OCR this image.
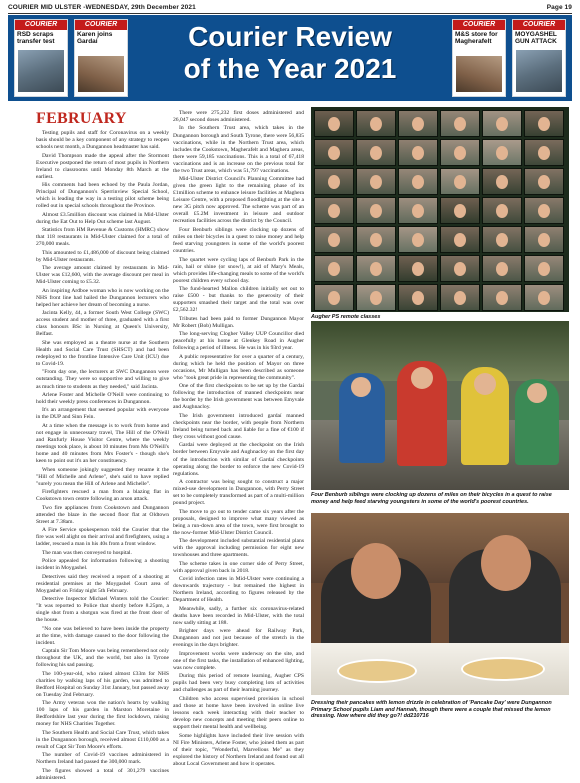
COURIER MID ULSTER -WEDNESDAY, 29th December 2021	Page 19
COURIER
RSD scraps transfer test
COURIER
Karen joins Gardaí	Courier Review
of the Year 2021
COURIER
M&S store for Magherafelt
COURIER
MOYGASHEL GUN ATTACK
FEBRUARY

Testing pupils and staff for Coronavirus on a weekly basis should be a key component of any strategy to reopen schools next month, a Dungannon headmaster has said.

David Thompson made the appeal after the Stormont Executive postponed the return of most pupils in Northern Ireland to classrooms until Monday 8th March at the earliest.

His comments had been echoed by the Paula Jordan, Principal of Dungannon's Sperrinview Special School, which is leading the way in a testing pilot scheme being rolled out in special schools throughout the Province.

Almost £3.5million discount was claimed in Mid-Ulster during the Eat Out to Help Out scheme last August.

Statistics from HM Revenue & Customs (HMRC) show that 118 restaurants in Mid-Ulster claimed for a total of 270,000 meals.

This amounted to £1,486,000 of discount being claimed by Mid-Ulster restaurants.

The average amount claimed by restaurants in Mid-Ulster was £12,600, with the average discount per meal in Mid-Ulster coming to £5.32.

An inspiring Ardboe woman who is now working on the NHS front line had hailed the Dungannon lecturers who helped her achieve her dream of becoming a nurse.

Jacinta Kelly, 44, a former South West College (SWC) access student and mother of three, graduated with a first class honours BSc in Nursing at Queen's University, Belfast.

She was employed as a theatre nurse at the Southern Health and Social Care Trust (SHSCT) and had been redeployed to the frontline Intensive Care Unit (ICU) due to Covid-19.

"From day one, the lecturers at SWC Dungannon were outstanding. They were so supportive and willing to give as much time to students as they needed," said Jacinta.

Arlene Foster and Michelle O'Neill were continuing to hold their weekly press conferences in Dungannon.

It's an arrangement that seemed popular with everyone in the DUP and Sinn Fein.

At a time when the message is to work from home and not engage in unnecessary travel, The Hill of the O'Neill and Ranfurly House Visitor Centre, where the weekly meetings took place, is about 10 minutes from Ms O'Neill's home and 40 minutes from Mrs Foster's - though she's keen to point out it's an her constituency.

When someone jokingly suggested they rename it the "Hill of Michelle and Arlene", she's said to have replied "surely you mean the Hill of Arlene and Michelle".

Firefighters rescued a man from a blazing flat in Cookstown town centre following an arson attack.

Two fire appliances from Cookstown and Dungannon attended the blaze in the second floor flat at Oldtown Street at 7.38am.

A Fire Service spokesperson told the Courier that the fire was well alight on their arrival and firefighters, using a ladder, rescued a man in his 40s from a front window.

The man was then conveyed to hospital.

Police appealed for information following a shooting incident in Moygashel.

Detectives said they received a report of a shooting at residential premises at the Moygashel Court area of Moygashel on Friday night 5th February.

Detective Inspector Michael Winters told the Courier: "It was reported to Police that shortly before 8.25pm, a single shot from a shotgun was fired at the front door of the house.

"No one was believed to have been inside the property at the time, with damage caused to the door following the incident.

Captain Sir Tom Moore was being remembered not only throughout the UK, and the world, but also in Tyrone following his sad passing.

The 100-year-old, who raised almost £33m for NHS charities by walking laps of his garden, was admitted to Bedford Hospital on Sunday 31st January, but passed away on Tuesday 2nd February.

The Army veteran won the nation's hearts by walking 100 laps of his garden in Marston Moretaine in Bedfordshire last year during the first lockdown, raising money for NHS Charities Together.

The Southern Health and Social Care Trust, which takes in the Dungannon borough, received almost £110,000 as a result of Capt Sir Tom Moore's efforts.

The number of Covid-19 vaccines administered in Northern Ireland had passed the 300,000 mark.

The figures showed a total of 301,279 vaccines administered.

There were 275,232 first doses administered and 26,047 second doses administered.

In the Southern Trust area, which takes in the Dungannon borough and South Tyrone, there were 56,835 vaccinations, while in the Northern Trust area, which includes the Cookstown, Magherafelt and Maghera areas, there were 59,185 vaccinations. This is a total of 67,418 vaccinations and is an increase on the previous total for the two Trust areas, which was 51,797 vaccinations.

Mid-Ulster District Council's Planning Committee had given the green light to the remaining phase of its £1million scheme to enhance leisure facilities at Maghera Leisure Centre, with a proposed floodlighting at the site a new 3G pitch now approved. The scheme was part of an overall £5.2M investment in leisure and outdoor recreation facilities across the district by the Council.

Four Benburb siblings were clocking up dozens of miles on their bicycles in a quest to raise money and help feed starving youngsters in some of the world's poorest countries.

The quartet were cycling laps of Benburb Park in the rain, hail or shine (or snow!), at aid of Mary's Meals, which provides life-changing meals to some of the world's poorest children every school day.

The fund-hearted Mallon children initially set out to raise £500 - but thanks to the generosity of their supporters smashed their target and the total was over £2,562.32!

Tributes had been paid to former Dungannon Mayor Mr Robert (Bob) Mulligan.

The long-serving Clogher Valley UUP Councillor died peacefully at his home at Glenkey Road in Augher following a period of illness. He was in his 93rd year.

A public representative for over a quarter of a century, during which he held the position of Mayor on three occasions, Mr Mulligan has been described as someone who "took great pride in representing the community".

One of the first checkpoints to be set up by the Gardaí following the introduction of manned checkpoints near the border by the Irish government was between Emyvale and Aughnacloy.

The Irish government introduced gardaí manned checkpoints near the border, with people from Northern Ireland being turned back and liable for a fine of €100 if they cross without good cause.

Gardaí were deployed at the checkpoint on the Irish border between Emyvale and Aughnacloy on the first day of the introduction with similar of Gardaí checkpoints operating along the border to enforce the new Covid-19 regulations.

A contractor was being sought to construct a major mixed-use development in Dungannon, with Perry Street set to be completely transformed as part of a multi-million pound project.

The move to go out to tender came six years after the proposals, designed to improve what many viewed as being a run-down area of the town, were first brought to the now-former Mid-Ulster District Council.

The development included substantial residential plans with the approval including permission for eight new townhouses and three apartments.

The scheme takes in one corner side of Perry Street, with approval given back in 2018.

Covid infection rates in Mid-Ulster were continuing a downwards trajectory - but remained the highest in Northern Ireland, according to figures released by the Department of Health.

Meanwhile, sadly, a further six coronavirus-related deaths have been recorded in Mid-Ulster, with the total now sadly sitting at 188.

Brighter days were ahead for Railway Park, Dungannon and not just because of the stretch in the evenings in the days brighter.

Improvement works were underway on the site, and one of the first tasks, the installation of enhanced lighting, was now complete.

During this period of remote learning, Augher CPS pupils had been very busy completing lots of activities and challenges as part of their learning journey.

Children who access supervised provision in school and those at home have been involved in online live lessons each week interacting with their teacher to develop new concepts and meeting their peers online to support their mental health and wellbeing.

Some highlights have included their live session with NI Fire Ministers, Arlene Foster, who joined them as part of their topic, "Wonderful, Marvellous Me" as they explored the history of Northern Ireland and found out all about Local Government and how it operates.

Augher PS remote classes
Four Benburb siblings were clocking up dozens of miles on their bicycles in a quest to raise money and help feed starving youngsters in some of the world's poorest countries.
Dressing their pancakes with lemon drizzle in celebration of 'Pancake Day' were Dungannon Primary School pupils Liam and Hannah, though there were a couple that missed the lemon dressing. Now where did they go?! dd210716
